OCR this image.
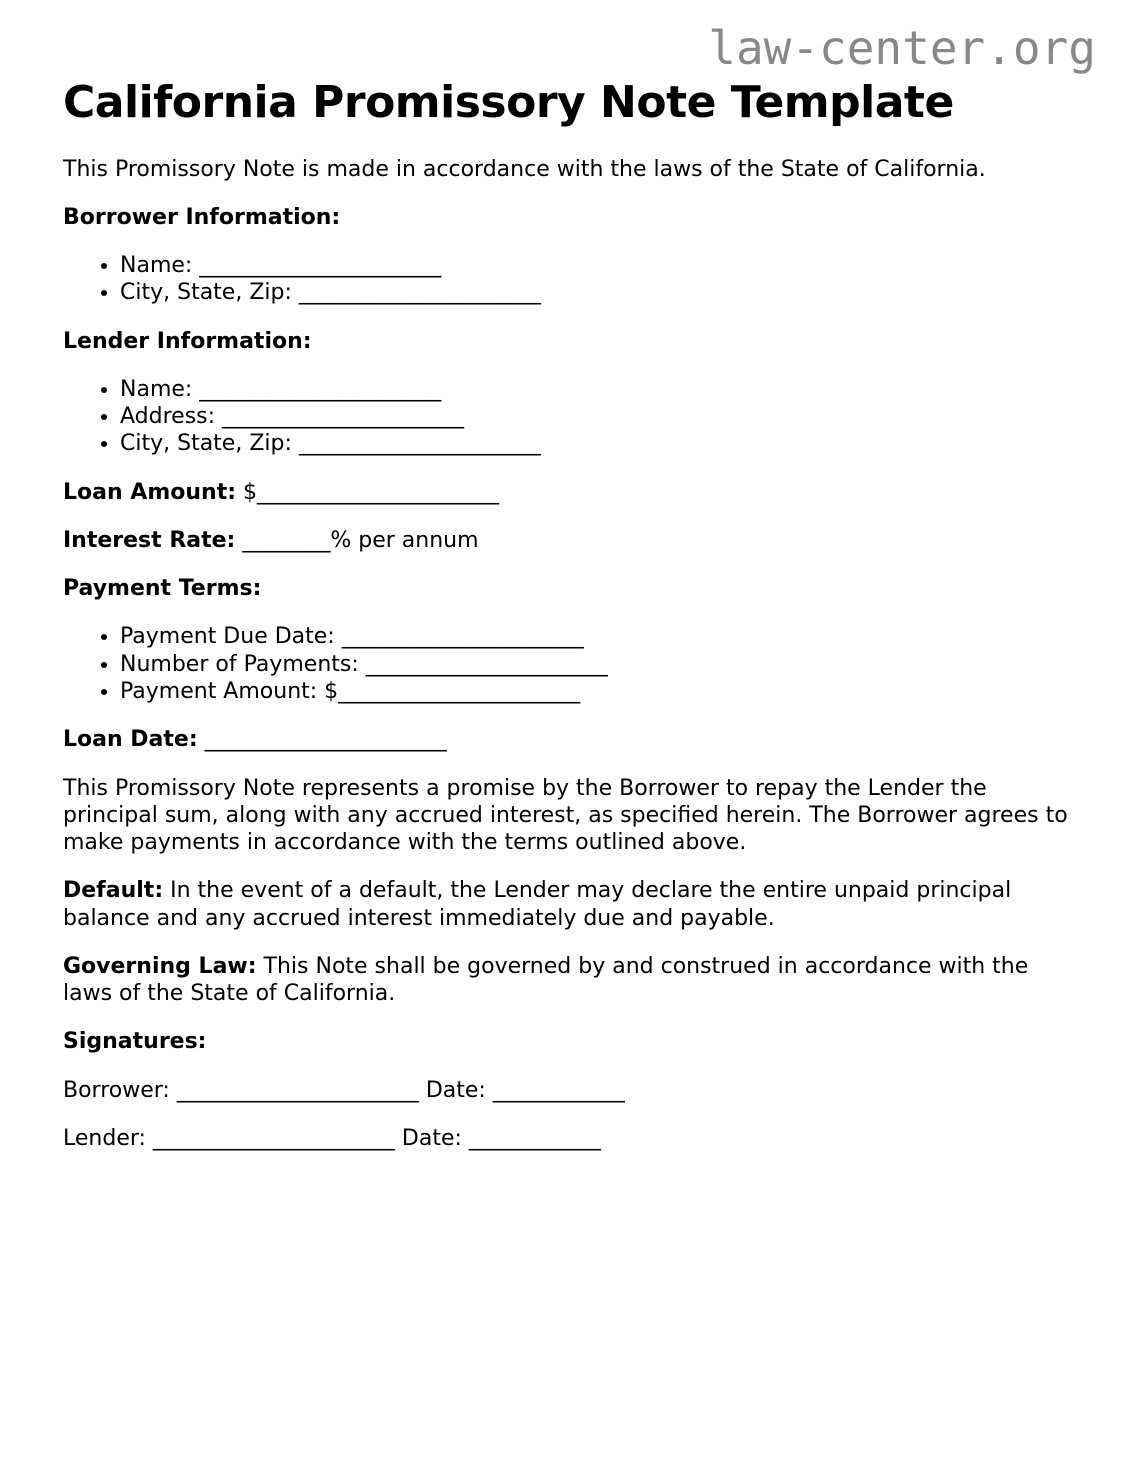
law-center.org
California Promissory Note Template

This Promissory Note is made in accordance with the laws of the State of California.

Borrower Information:

• Name: ______________________
• City, State, Zip: ______________________

Lender Information:

• Name: ______________________
• Address: ______________________
• City, State, Zip: ______________________

Loan Amount: $______________________

Interest Rate: ________% per annum

Payment Terms:

• Payment Due Date: ______________________
• Number of Payments: ______________________
• Payment Amount: $______________________

Loan Date: ______________________

This Promissory Note represents a promise by the Borrower to repay the Lender the principal sum, along with any accrued interest, as specified herein. The Borrower agrees to make payments in accordance with the terms outlined above.

Default: In the event of a default, the Lender may declare the entire unpaid principal balance and any accrued interest immediately due and payable.

Governing Law: This Note shall be governed by and construed in accordance with the laws of the State of California.

Signatures:

Borrower: ______________________ Date: ____________

Lender: ______________________ Date: ____________
